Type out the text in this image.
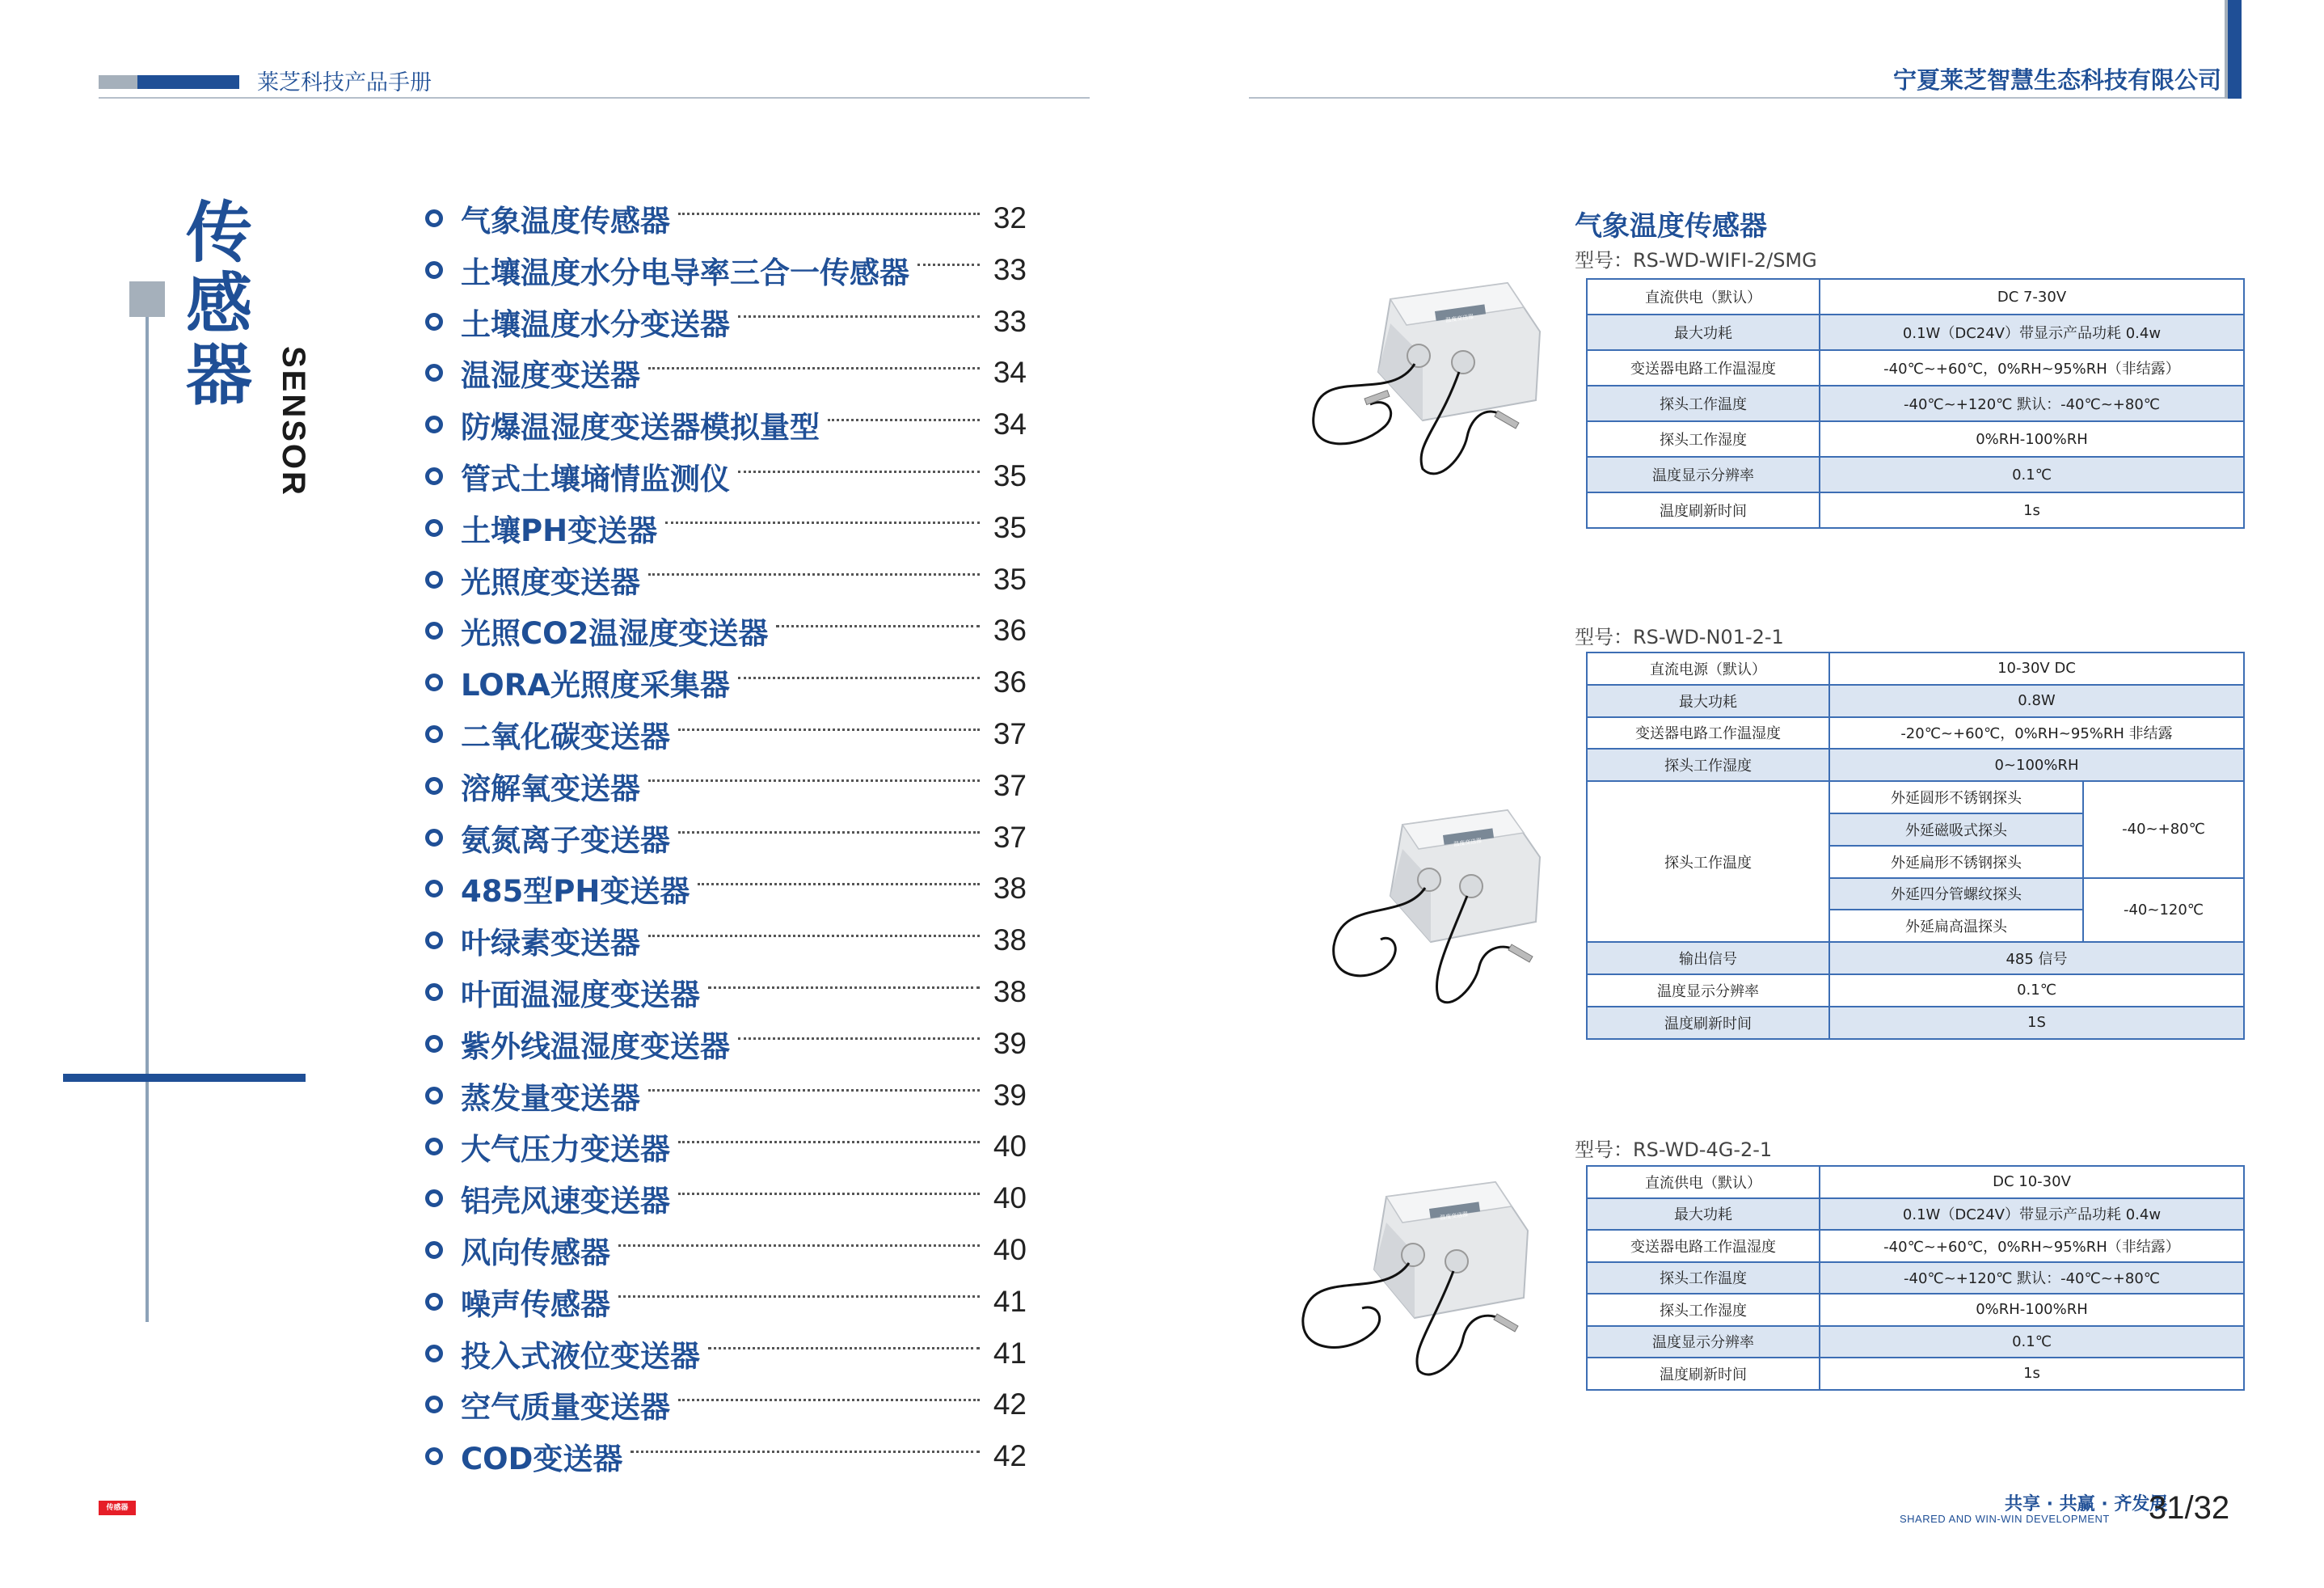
莱芝科技产品手册	宁夏莱芝智慧生态科技有限公司
传
感
器 SENSOR
气象温度传感器	32
土壤温度水分电导率三合一传感器	33
土壤温度水分变送器	33
温湿度变送器	34
防爆温湿度变送器模拟量型	34
管式土壤墒情监测仪	35
土壤PH变送器	35
光照度变送器	35
光照CO2温湿度变送器	36
LORA光照度采集器	36
二氧化碳变送器	37
溶解氧变送器	37
氨氮离子变送器	37
485型PH变送器	38
叶绿素变送器	38
叶面温湿度变送器	38
紫外线温湿度变送器	39
蒸发量变送器	39
大气压力变送器	40
铝壳风速变送器	40
风向传感器	40
噪声传感器	41
投入式液位变送器	41
空气质量变送器	42
COD变送器	42
传感器
气象温度传感器
型号：RS-WD-WIFI-2/SMG
直流供电（默认）	DC 7-30V
最大功耗	0.1W（DC24V）带显示产品功耗 0.4w
变送器电路工作温湿度	-40℃~+60℃，0%RH~95%RH（非结露）
探头工作温度	-40℃~+120℃ 默认：-40℃~+80℃
探头工作湿度	0%RH-100%RH
温度显示分辨率	0.1℃
温度刷新时间	1s
型号：RS-WD-N01-2-1
直流电源（默认）	10-30V DC	
最大功耗	0.8W	
变送器电路工作温湿度	-20℃~+60℃，0%RH~95%RH 非结露	
探头工作湿度	0~100%RH	
探头工作温度	外延圆形不锈钢探头	-40~+80℃
	外延磁吸式探头	
	外延扁形不锈钢探头	
	外延四分管螺纹探头	-40~120℃
	外延扁高温探头	
输出信号	485 信号	
温度显示分辨率	0.1℃	
温度刷新时间	1S	
型号：RS-WD-4G-2-1
直流供电（默认）	DC 10-30V
最大功耗	0.1W（DC24V）带显示产品功耗 0.4w
变送器电路工作温湿度	-40℃~+60℃，0%RH~95%RH（非结露）
探头工作温度	-40℃~+120℃ 默认：-40℃~+80℃
探头工作湿度	0%RH-100%RH
温度显示分辨率	0.1℃
温度刷新时间	1s
温度变送器
温度变送器
温度变送器
共享 · 共赢 · 齐发展
SHARED AND WIN-WIN DEVELOPMENT 31/32
